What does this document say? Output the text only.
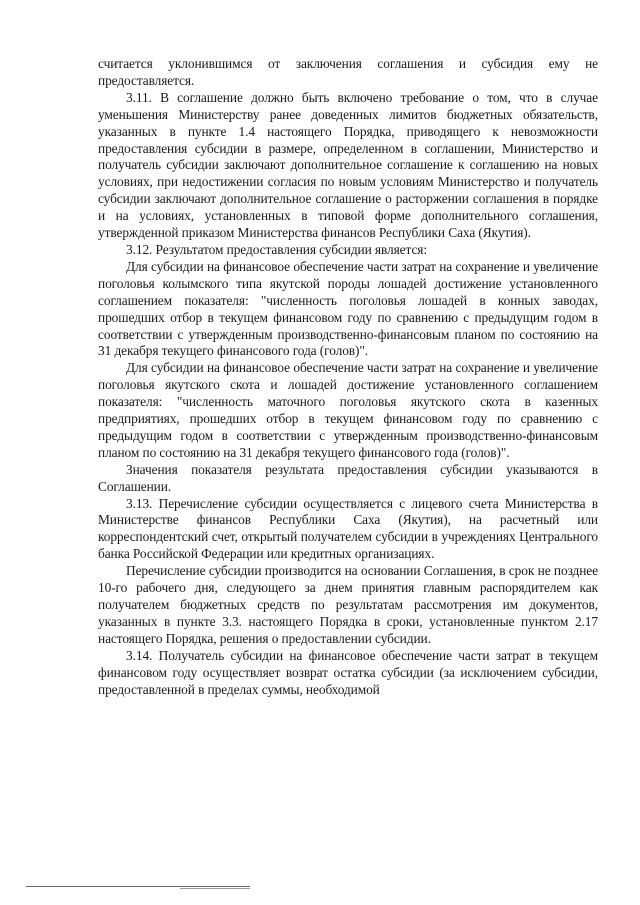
считается уклонившимся от заключения соглашения и субсидия ему не предоставляется.

3.11. В соглашение должно быть включено требование о том, что в случае уменьшения Министерству ранее доведенных лимитов бюджетных обязательств, указанных в пункте 1.4 настоящего Порядка, приводящего к невозможности предоставления субсидии в размере, определенном в соглашении, Министерство и получатель субсидии заключают дополнительное соглашение к соглашению на новых условиях, при недостижении согласия по новым условиям Министерство и получатель субсидии заключают дополнительное соглашение о расторжении соглашения в порядке и на условиях, установленных в типовой форме дополнительного соглашения, утвержденной приказом Министерства финансов Республики Саха (Якутия).

3.12. Результатом предоставления субсидии является:

Для субсидии на финансовое обеспечение части затрат на сохранение и увеличение поголовья колымского типа якутской породы лошадей достижение установленного соглашением показателя: "численность поголовья лошадей в конных заводах, прошедших отбор в текущем финансовом году по сравнению с предыдущим годом в соответствии с утвержденным производственно-финансовым планом по состоянию на 31 декабря текущего финансового года (голов)".

Для субсидии на финансовое обеспечение части затрат на сохранение и увеличение поголовья якутского скота и лошадей достижение установленного соглашением показателя: "численность маточного поголовья якутского скота в казенных предприятиях, прошедших отбор в текущем финансовом году по сравнению с предыдущим годом в соответствии с утвержденным производственно-финансовым планом по состоянию на 31 декабря текущего финансового года (голов)".

Значения показателя результата предоставления субсидии указываются в Соглашении.

3.13. Перечисление субсидии осуществляется с лицевого счета Министерства в Министерстве финансов Республики Саха (Якутия), на расчетный или корреспондентский счет, открытый получателем субсидии в учреждениях Центрального банка Российской Федерации или кредитных организациях.

Перечисление субсидии производится на основании Соглашения, в срок не позднее 10-го рабочего дня, следующего за днем принятия главным распорядителем как получателем бюджетных средств по результатам рассмотрения им документов, указанных в пункте 3.3. настоящего Порядка в сроки, установленные пунктом 2.17 настоящего Порядка, решения о предоставлении субсидии.

3.14. Получатель субсидии на финансовое обеспечение части затрат в текущем финансовом году осуществляет возврат остатка субсидии (за исключением субсидии, предоставленной в пределах суммы, необходимой
